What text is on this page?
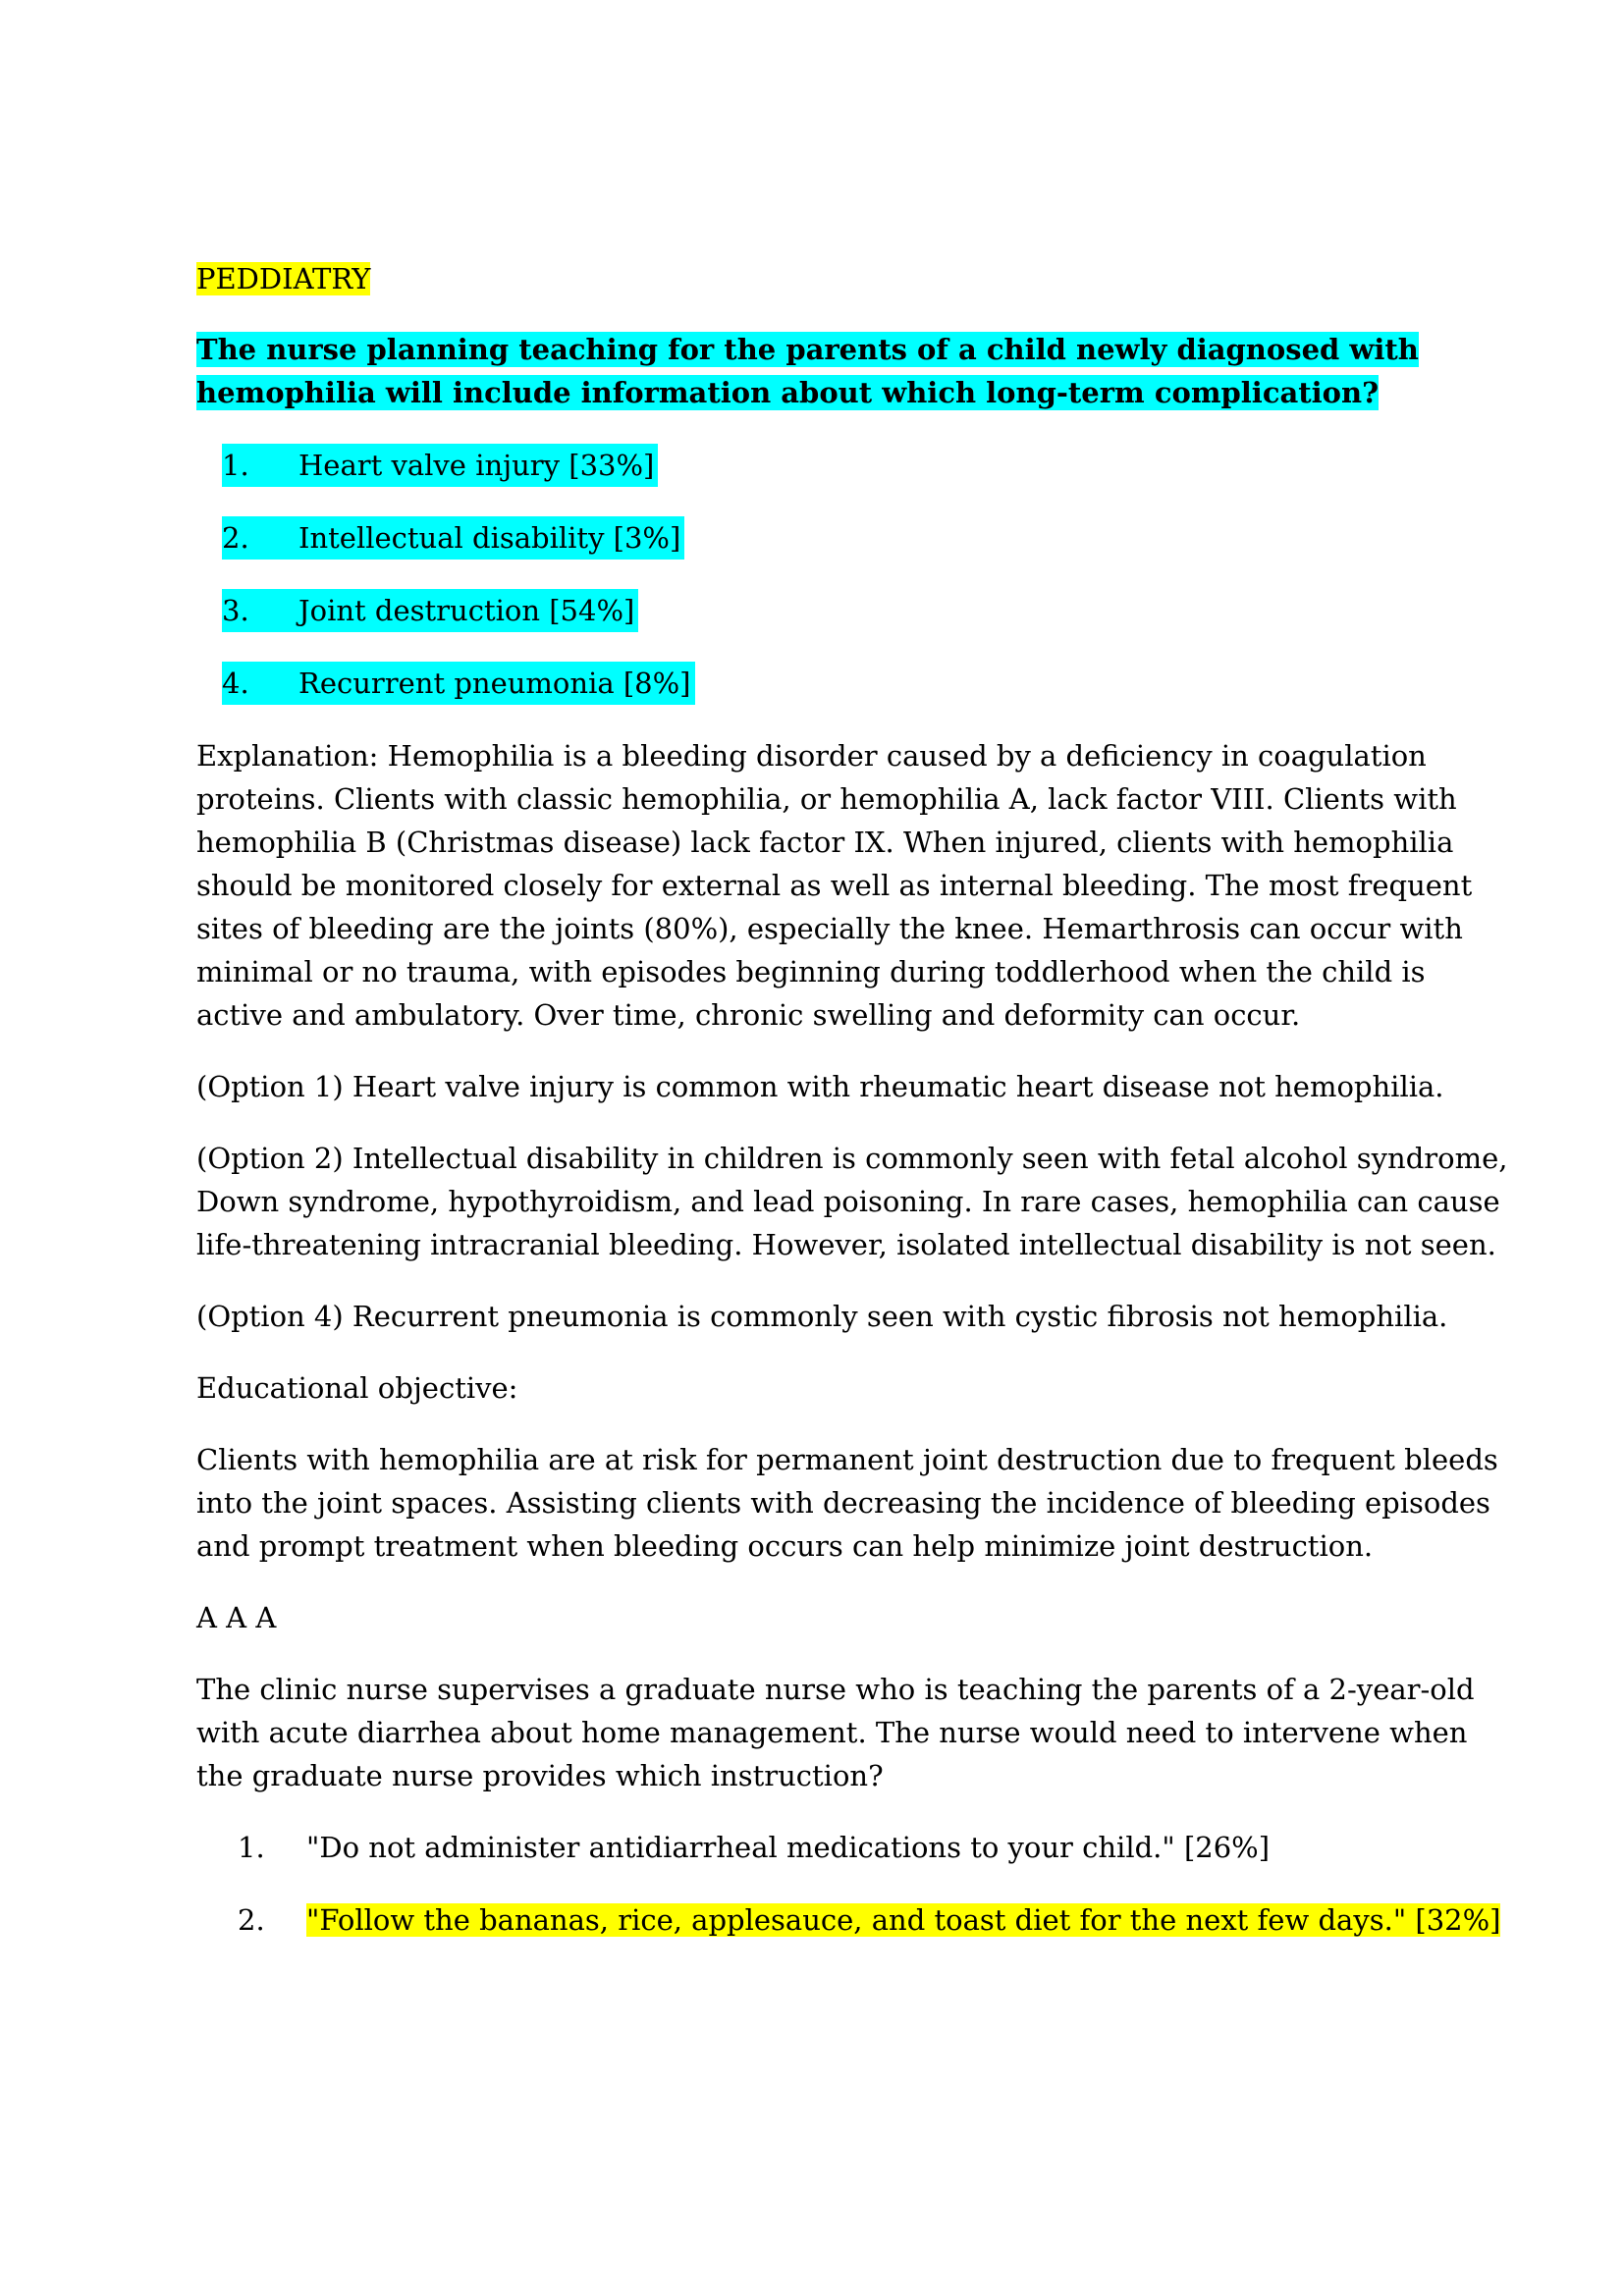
PEDDIATRY
The nurse planning teaching for the parents of a child newly diagnosed with
hemophilia will include information about which long-term complication?
1. Heart valve injury [33%]
2. Intellectual disability [3%]
3. Joint destruction [54%]
4. Recurrent pneumonia [8%]
Explanation: Hemophilia is a bleeding disorder caused by a deficiency in coagulation
proteins. Clients with classic hemophilia, or hemophilia A, lack factor VIII. Clients with
hemophilia B (Christmas disease) lack factor IX. When injured, clients with hemophilia
should be monitored closely for external as well as internal bleeding. The most frequent
sites of bleeding are the joints (80%), especially the knee. Hemarthrosis can occur with
minimal or no trauma, with episodes beginning during toddlerhood when the child is
active and ambulatory. Over time, chronic swelling and deformity can occur.
(Option 1) Heart valve injury is common with rheumatic heart disease not hemophilia.
(Option 2) Intellectual disability in children is commonly seen with fetal alcohol syndrome,
Down syndrome, hypothyroidism, and lead poisoning. In rare cases, hemophilia can cause
life-threatening intracranial bleeding. However, isolated intellectual disability is not seen.
(Option 4) Recurrent pneumonia is commonly seen with cystic fibrosis not hemophilia.
Educational objective:
Clients with hemophilia are at risk for permanent joint destruction due to frequent bleeds
into the joint spaces. Assisting clients with decreasing the incidence of bleeding episodes
and prompt treatment when bleeding occurs can help minimize joint destruction.
A A A
The clinic nurse supervises a graduate nurse who is teaching the parents of a 2-year-old
with acute diarrhea about home management. The nurse would need to intervene when
the graduate nurse provides which instruction?
1. "Do not administer antidiarrheal medications to your child." [26%]
2. "Follow the bananas, rice, applesauce, and toast diet for the next few days." [32%]
